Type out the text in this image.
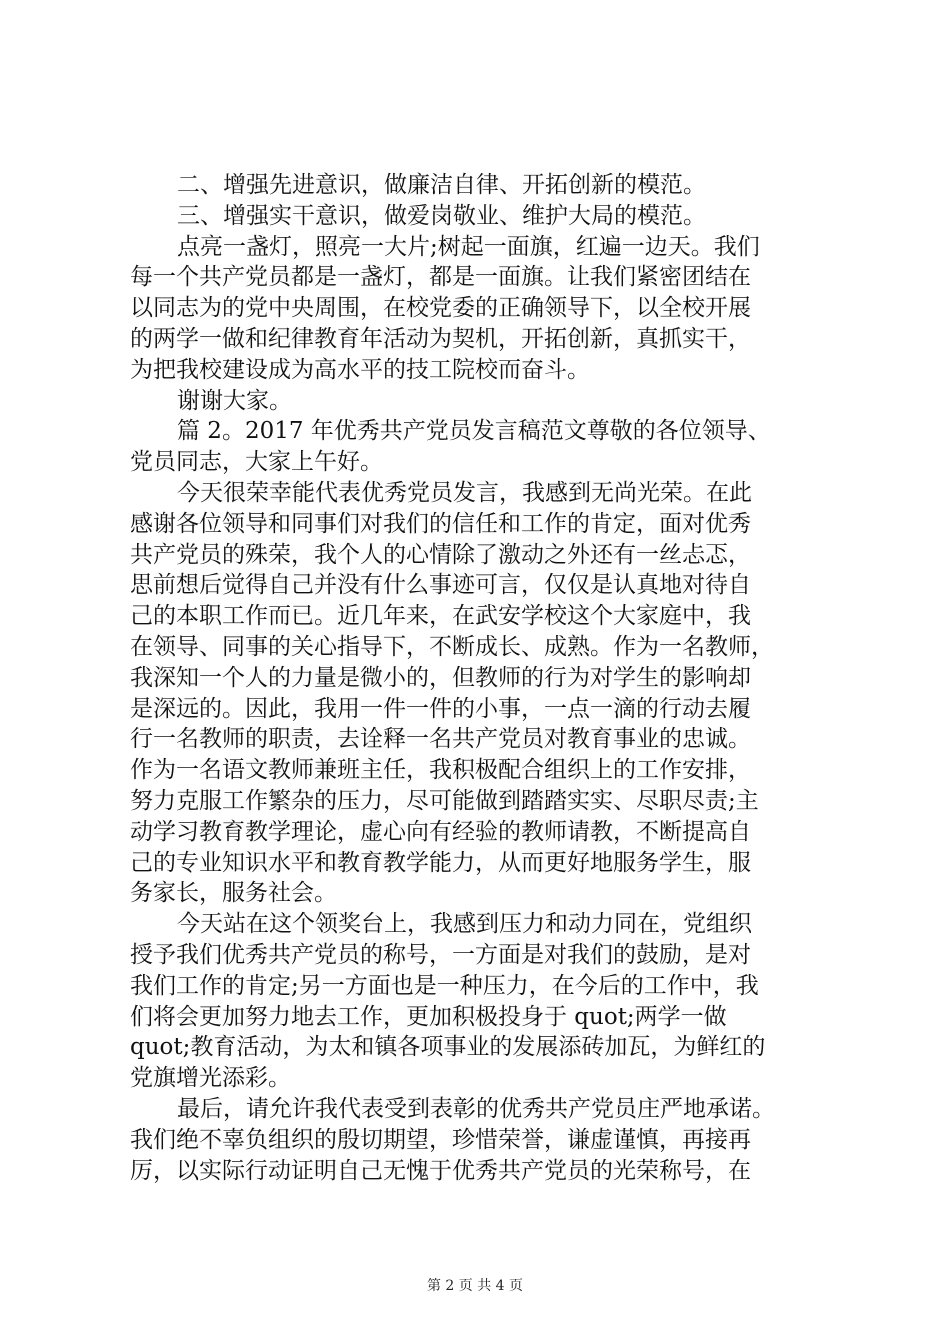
二、增强先进意识，做廉洁自律、开拓创新的模范。
三、增强实干意识，做爱岗敬业、维护大局的模范。
点亮一盏灯，照亮一大片;树起一面旗，红遍一边天。我们
每一个共产党员都是一盏灯，都是一面旗。让我们紧密团结在
以同志为的党中央周围，在校党委的正确领导下，以全校开展
的两学一做和纪律教育年活动为契机，开拓创新，真抓实干，
为把我校建设成为高水平的技工院校而奋斗。
谢谢大家。
篇 2。2017 年优秀共产党员发言稿范文尊敬的各位领导、
党员同志，大家上午好。
今天很荣幸能代表优秀党员发言，我感到无尚光荣。在此
感谢各位领导和同事们对我们的信任和工作的肯定，面对优秀
共产党员的殊荣，我个人的心情除了激动之外还有一丝忐忑，
思前想后觉得自己并没有什么事迹可言，仅仅是认真地对待自
己的本职工作而已。近几年来，在武安学校这个大家庭中，我
在领导、同事的关心指导下，不断成长、成熟。作为一名教师，
我深知一个人的力量是微小的，但教师的行为对学生的影响却
是深远的。因此，我用一件一件的小事，一点一滴的行动去履
行一名教师的职责，去诠释一名共产党员对教育事业的忠诚。
作为一名语文教师兼班主任，我积极配合组织上的工作安排，
努力克服工作繁杂的压力，尽可能做到踏踏实实、尽职尽责;主
动学习教育教学理论，虚心向有经验的教师请教，不断提高自
己的专业知识水平和教育教学能力，从而更好地服务学生，服
务家长，服务社会。
今天站在这个领奖台上，我感到压力和动力同在，党组织
授予我们优秀共产党员的称号，一方面是对我们的鼓励，是对
我们工作的肯定;另一方面也是一种压力，在今后的工作中，我
们将会更加努力地去工作，更加积极投身于 quot;两学一做
quot;教育活动，为太和镇各项事业的发展添砖加瓦，为鲜红的
党旗增光添彩。
最后，请允许我代表受到表彰的优秀共产党员庄严地承诺。
我们绝不辜负组织的殷切期望，珍惜荣誉，谦虚谨慎，再接再
厉，以实际行动证明自己无愧于优秀共产党员的光荣称号，在
第 2 页 共 4 页
